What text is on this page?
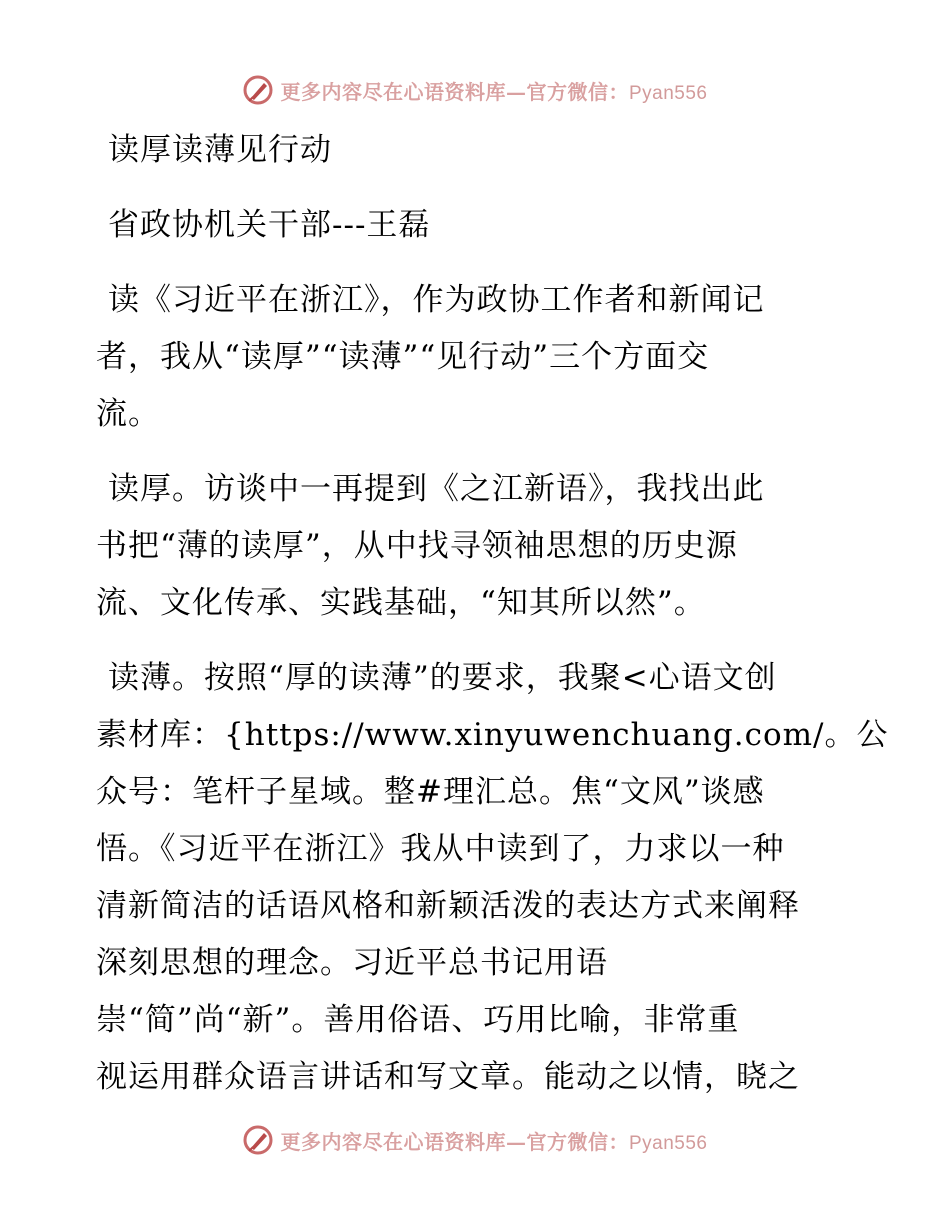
更多内容尽在心语资料库—官方微信：Pyan556
读厚读薄见行动
省政协机关干部---王磊
读《习近平在浙江》，作为政协工作者和新闻记
者，我从“读厚”“读薄”“见行动”三个方面交
流。
读厚。访谈中一再提到《之江新语》，我找出此
书把“薄的读厚”，从中找寻领袖思想的历史源
流、文化传承、实践基础，“知其所以然”。
读薄。按照“厚的读薄”的要求，我聚<心语文创
素材库：{https://www.xinyuwenchuang.com/。公
众号：笔杆子星域。整#理汇总。焦“文风”谈感
悟。《习近平在浙江》我从中读到了，力求以一种
清新简洁的话语风格和新颖活泼的表达方式来阐释
深刻思想的理念。习近平总书记用语
崇“简”尚“新”。善用俗语、巧用比喻，非常重
视运用群众语言讲话和写文章。能动之以情，晓之
更多内容尽在心语资料库—官方微信：Pyan556
